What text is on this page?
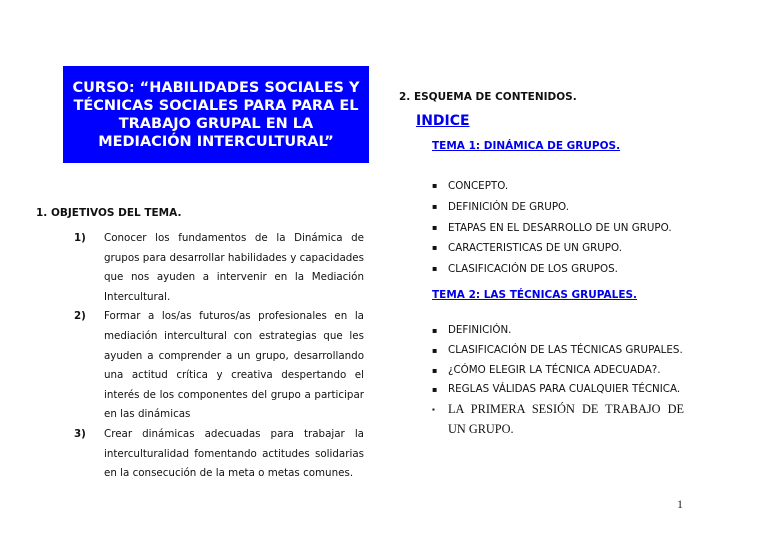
CURSO: “HABILIDADES SOCIALES Y
TÉCNICAS SOCIALES PARA PARA EL
TRABAJO GRUPAL EN LA
MEDIACIÓN INTERCULTURAL”
1. OBJETIVOS DEL TEMA.
1) Conocer los fundamentos de la Dinámica de grupos para desarrollar habilidades y capacidades que nos ayuden a intervenir en la Mediación Intercultural.
2) Formar a los/as futuros/as profesionales en la mediación intercultural con estrategias que les ayuden a comprender a un grupo, desarrollando una actitud crítica y creativa despertando el interés de los componentes del grupo a participar en las dinámicas
3) Crear dinámicas adecuadas para trabajar la interculturalidad fomentando actitudes solidarias en la consecución de la meta o metas comunes.
2. ESQUEMA DE CONTENIDOS.
INDICE
TEMA 1: DINÁMICA DE GRUPOS.
▪ CONCEPTO.
▪ DEFINICIÓN DE GRUPO.
▪ ETAPAS EN EL DESARROLLO DE UN GRUPO.
▪ CARACTERISTICAS DE UN GRUPO.
▪ CLASIFICACIÓN DE LOS GRUPOS.
TEMA 2: LAS TÉCNICAS GRUPALES.
▪ DEFINICIÓN.
▪ CLASIFICACIÓN DE LAS TÉCNICAS GRUPALES.
▪ ¿CÓMO ELEGIR LA TÉCNICA ADECUADA?.
▪ REGLAS VÁLIDAS PARA CUALQUIER TÉCNICA.
▪ LA PRIMERA SESIÓN DE TRABAJO DE UN GRUPO.
1
